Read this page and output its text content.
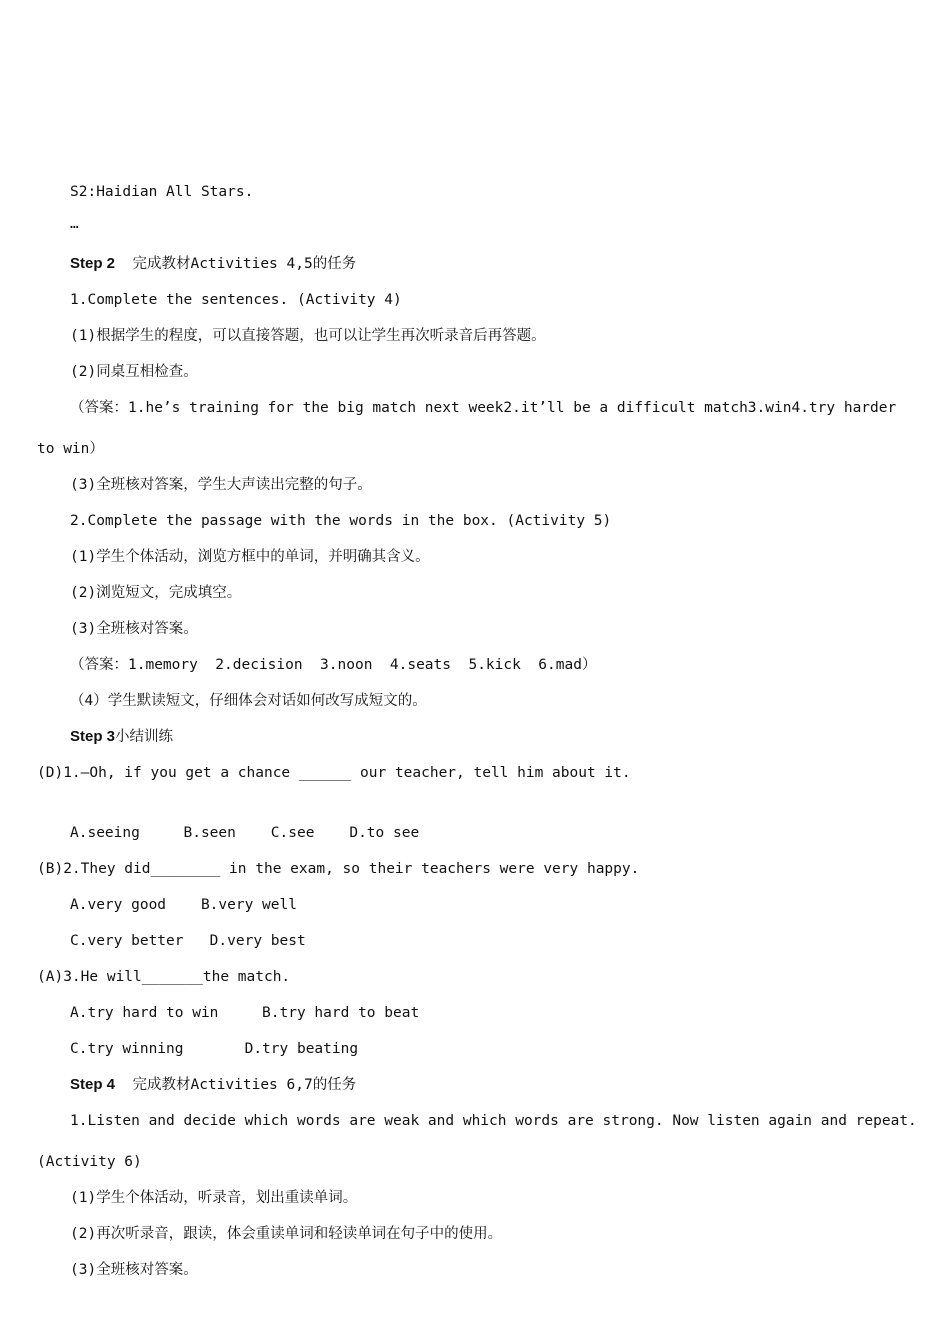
S2:Haidian All Stars.
…
Step 2  完成教材Activities 4,5的任务
1.Complete the sentences. (Activity 4)
(1)根据学生的程度，可以直接答题，也可以让学生再次听录音后再答题。
(2)同桌互相检查。
（答案：1.he’s training for the big match next week2.it’ll be a difficult match3.win4.try harder
to win）
(3)全班核对答案，学生大声读出完整的句子。
2.Complete the passage with the words in the box. (Activity 5)
(1)学生个体活动，浏览方框中的单词，并明确其含义。
(2)浏览短文，完成填空。
(3)全班核对答案。
（答案：1.memory  2.decision  3.noon  4.seats  5.kick  6.mad）
（4）学生默读短文，仔细体会对话如何改写成短文的。
Step 3小结训练
(D)1.—Oh, if you get a chance ______ our teacher, tell him about it.
A.seeing     B.seen    C.see    D.to see
(B)2.They did________ in the exam, so their teachers were very happy.
A.very good    B.very well
C.very better   D.very best
(A)3.He will_______the match.
A.try hard to win     B.try hard to beat
C.try winning       D.try beating
Step 4  完成教材Activities 6,7的任务
1.Listen and decide which words are weak and which words are strong. Now listen again and repeat.
(Activity 6)
(1)学生个体活动，听录音，划出重读单词。
(2)再次听录音，跟读，体会重读单词和轻读单词在句子中的使用。
(3)全班核对答案。
